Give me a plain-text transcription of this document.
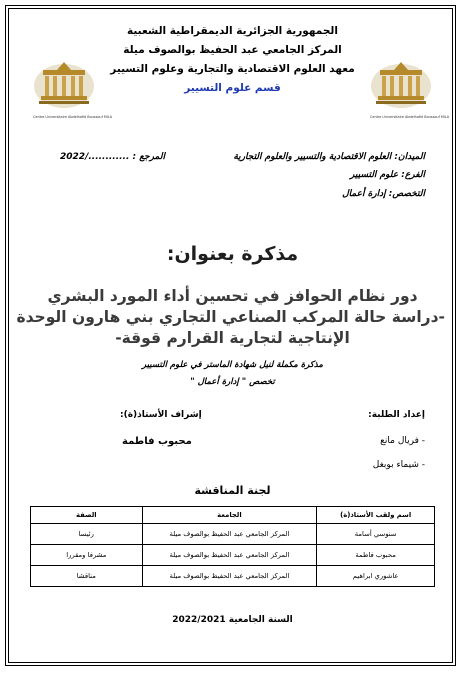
Centre Universitaire Abdelhafid Boussouf MILA	Centre Universitaire Abdelhafid Boussouf MILA
الجمهورية الجزائرية الديمقراطية الشعبية
المركز الجامعي عبد الحفيظ بوالصوف ميلة
معهد العلوم الاقتصادية والتجارية وعلوم التسيير
قسم علوم التسيير
الميدان: العلوم الاقتصادية والتسيير والعلوم التجارية
المرجع : ............/2022
الفرع: علوم التسيير
التخصص: إدارة أعمال
مذكرة بعنوان:
دور نظام الحوافز في تحسين أداء المورد البشري
-دراسة حالة المركب الصناعي التجاري بني هارون الوحدة
الإنتاجية لتجارية القرارم قوقة-
مذكرة مكملة لنيل شهادة الماستر في علوم التسيير
تخصص " إدارة أعمال "
إعداد الطلبة:
- فريال مانع
- شيماء بوبغل
إشراف الأستاذ(ة):
محبوب فاطمة
لجنة المناقشة
اسم ولقب الأستاذ(ة)	الجامعة	الصفة
سنوسي أسامة	المركز الجامعي عبد الحفيظ بوالصوف ميلة	رئيسا
محبوب فاطمة	المركز الجامعي عبد الحفيظ بوالصوف ميلة	مشرفا ومقررا
عاشوري ابراهيم	المركز الجامعي عبد الحفيظ بوالصوف ميلة	مناقشا
السنة الجامعية 2022/2021
